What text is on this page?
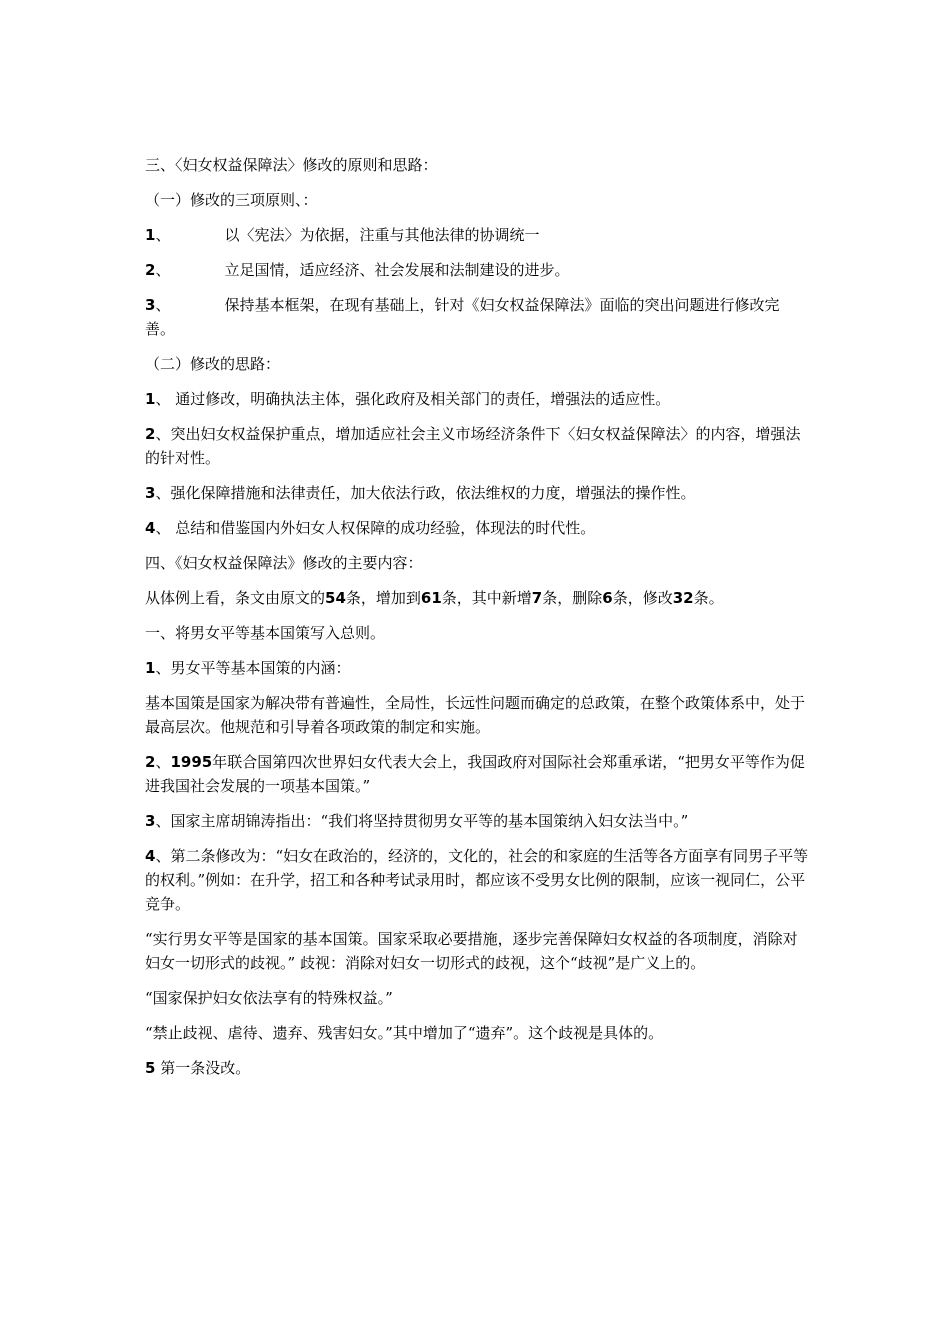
三、〈妇女权益保障法〉修改的原则和思路：

（一）修改的三项原则、：

1、	以〈宪法〉为依据，注重与其他法律的协调统一

2、	立足国情，适应经济、社会发展和法制建设的进步。

3、	保持基本框架，在现有基础上，针对《妇女权益保障法》面临的突出问题进行修改完善。

（二）修改的思路：

1、 通过修改，明确执法主体，强化政府及相关部门的责任，增强法的适应性。

2、突出妇女权益保护重点，增加适应社会主义市场经济条件下〈妇女权益保障法〉的内容，增强法的针对性。

3、强化保障措施和法律责任，加大依法行政，依法维权的力度，增强法的操作性。

4、 总结和借鉴国内外妇女人权保障的成功经验，体现法的时代性。

四、《妇女权益保障法》修改的主要内容：

从体例上看，条文由原文的54条，增加到61条，其中新增7条，删除6条，修改32条。

一、将男女平等基本国策写入总则。

1、男女平等基本国策的内涵：

基本国策是国家为解决带有普遍性，全局性，长远性问题而确定的总政策，在整个政策体系中，处于最高层次。他规范和引导着各项政策的制定和实施。

2、1995年联合国第四次世界妇女代表大会上，我国政府对国际社会郑重承诺，“把男女平等作为促进我国社会发展的一项基本国策。”

3、国家主席胡锦涛指出：“我们将坚持贯彻男女平等的基本国策纳入妇女法当中。”

4、第二条修改为：“妇女在政治的，经济的，文化的，社会的和家庭的生活等各方面享有同男子平等的权利。”例如：在升学，招工和各种考试录用时，都应该不受男女比例的限制，应该一视同仁，公平竞争。

“实行男女平等是国家的基本国策。国家采取必要措施，逐步完善保障妇女权益的各项制度，消除对妇女一切形式的歧视。” 歧视：消除对妇女一切形式的歧视，这个“歧视”是广义上的。

“国家保护妇女依法享有的特殊权益。”

“禁止歧视、虐待、遗弃、残害妇女。”其中增加了“遗弃”。这个歧视是具体的。

5 第一条没改。
